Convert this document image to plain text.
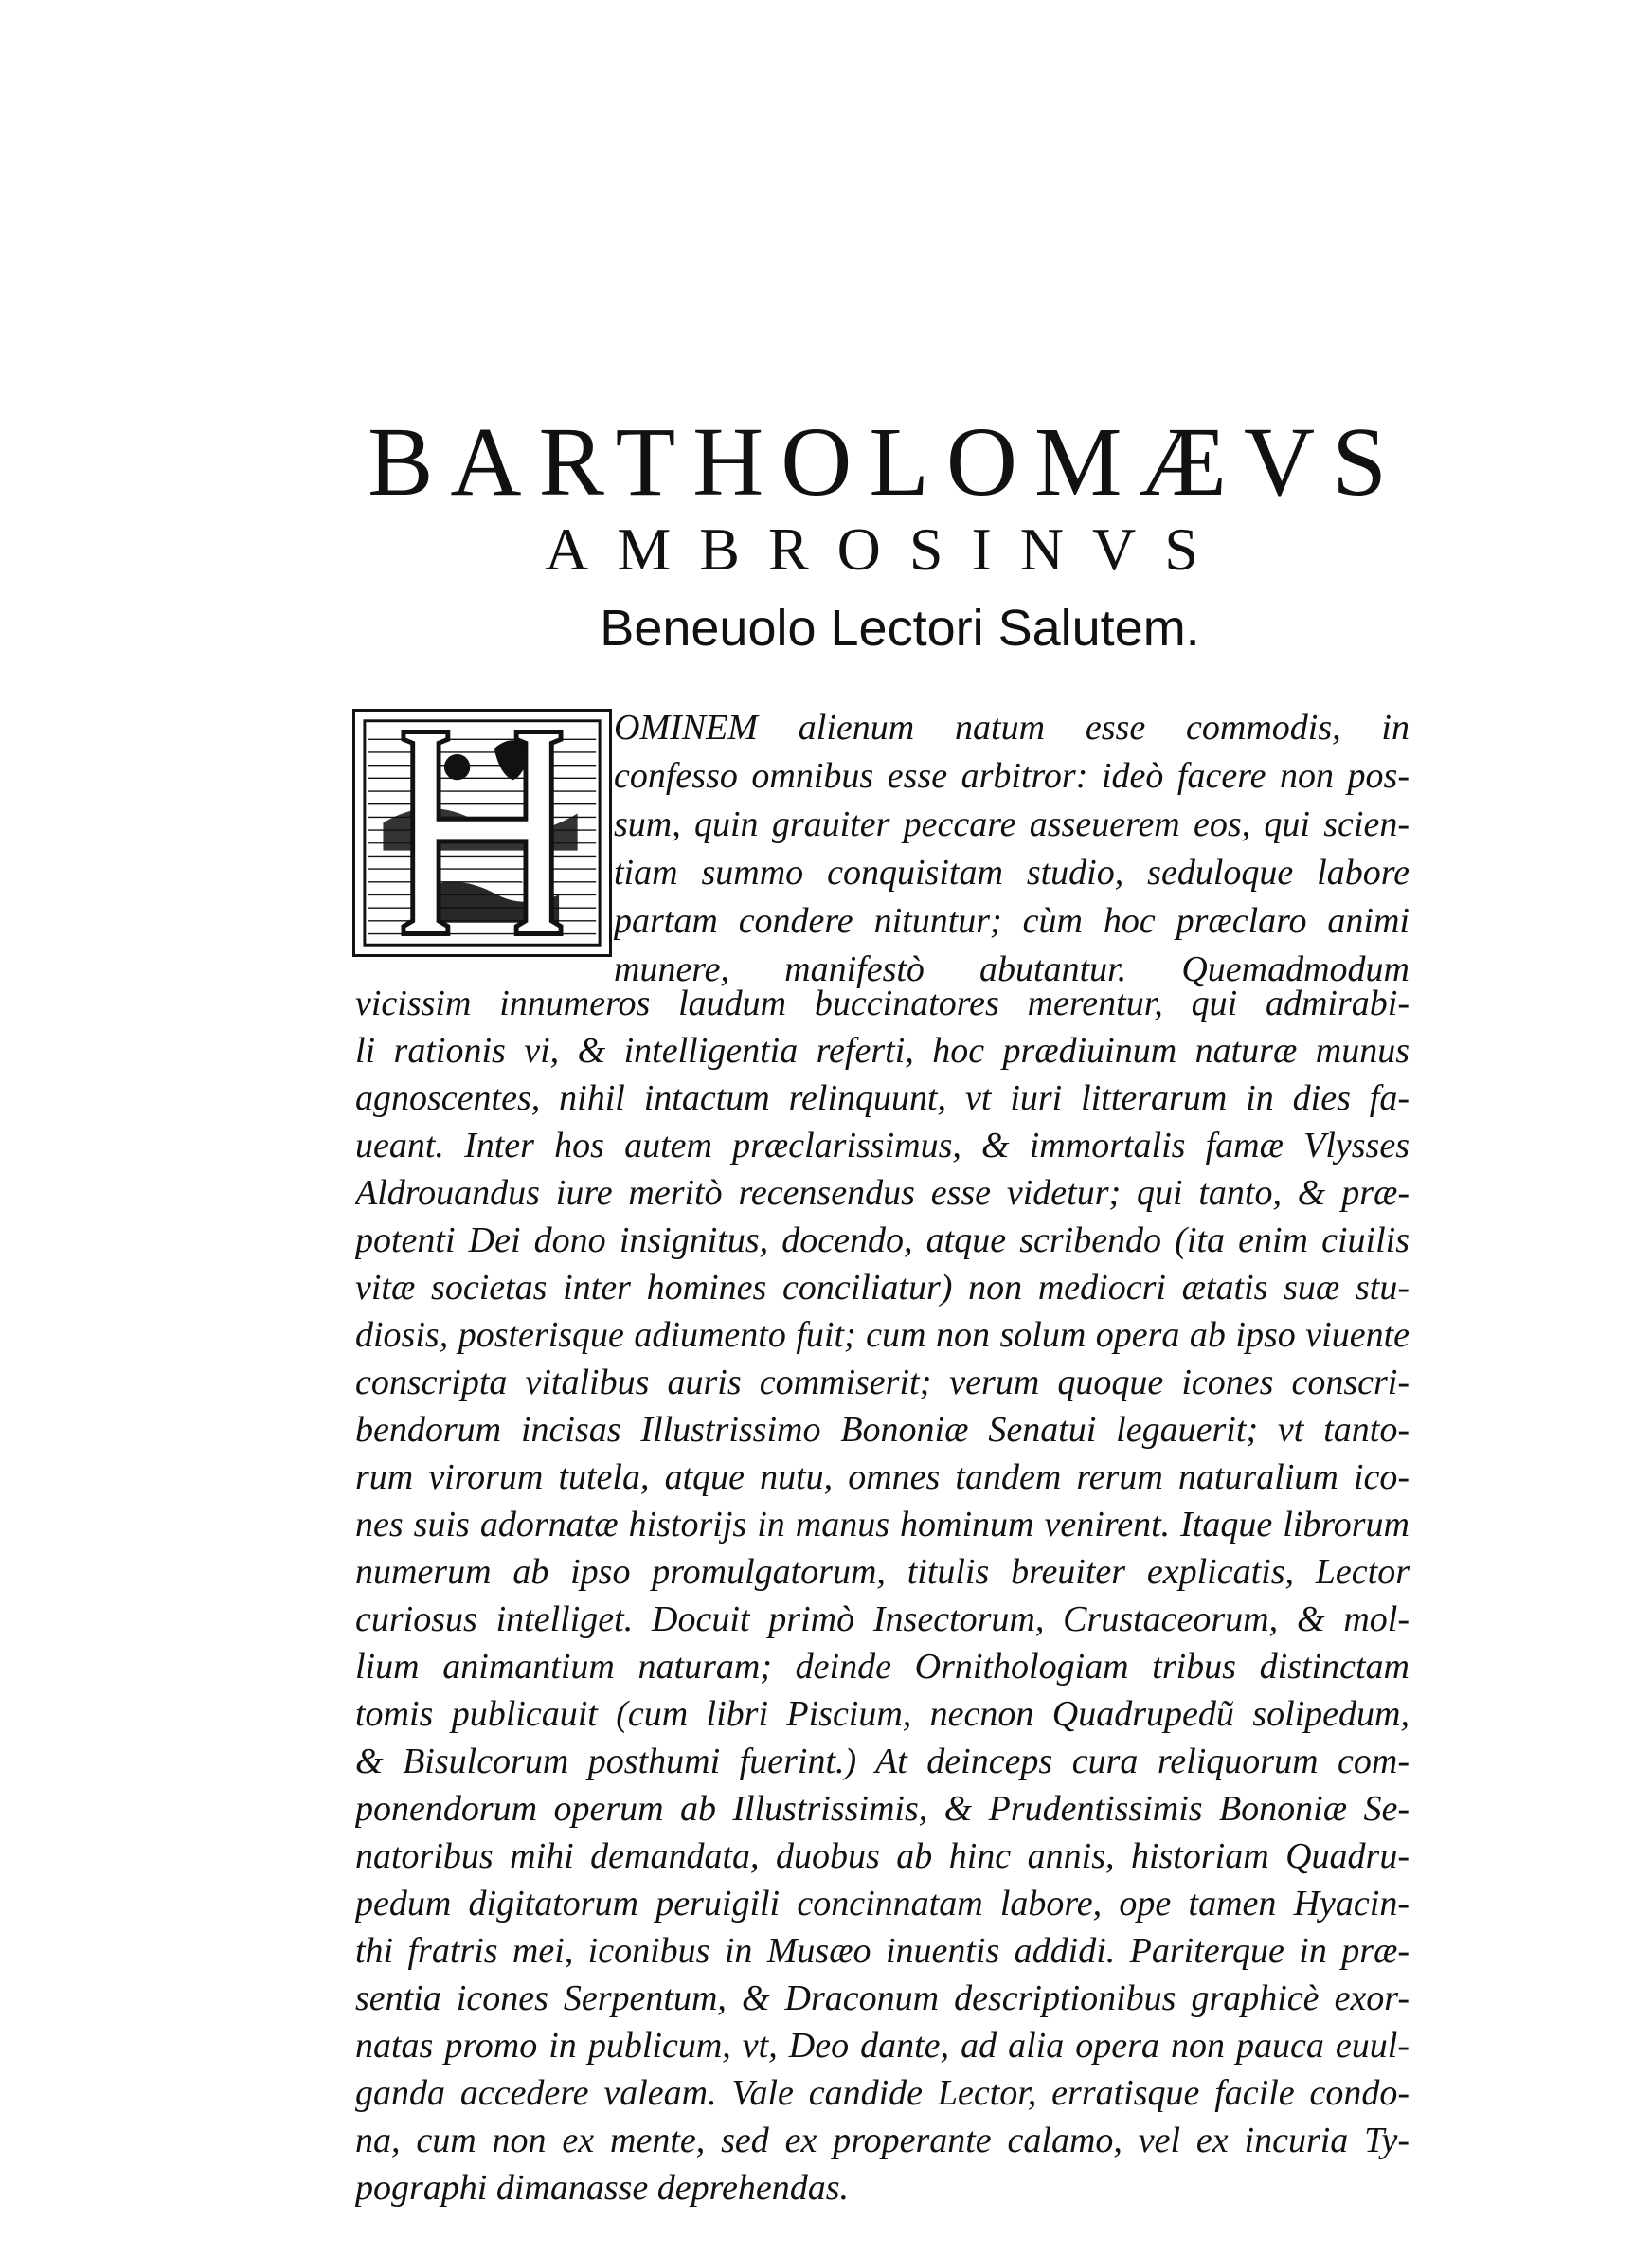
BARTHOLOMÆVS
AMBROSINVS
Beneuolo Lectori Salutem.
OMINEM alienum natum esse commodis, in
confesso omnibus esse arbitror: ideò facere non pos-
sum, quin grauiter peccare asseuerem eos, qui scien-
tiam summo conquisitam studio, seduloque labore
partam condere nituntur; cùm hoc præclaro animi
munere, manifestò abutantur. Quemadmodum
vicissim innumeros laudum buccinatores merentur, qui admirabi-
li rationis vi, & intelligentia referti, hoc prædiuinum naturæ munus
agnoscentes, nihil intactum relinquunt, vt iuri litterarum in dies fa-
ueant. Inter hos autem præclarissimus, & immortalis famæ Vlysses
Aldrouandus iure meritò recensendus esse videtur; qui tanto, & præ-
potenti Dei dono insignitus, docendo, atque scribendo (ita enim ciuilis
vitæ societas inter homines conciliatur) non mediocri ætatis suæ stu-
diosis, posterisque adiumento fuit; cum non solum opera ab ipso viuente
conscripta vitalibus auris commiserit; verum quoque icones conscri-
bendorum incisas Illustrissimo Bononiæ Senatui legauerit; vt tanto-
rum virorum tutela, atque nutu, omnes tandem rerum naturalium ico-
nes suis adornatæ historijs in manus hominum venirent. Itaque librorum
numerum ab ipso promulgatorum, titulis breuiter explicatis, Lector
curiosus intelliget. Docuit primò Insectorum, Crustaceorum, & mol-
lium animantium naturam; deinde Ornithologiam tribus distinctam
tomis publicauit (cum libri Piscium, necnon Quadrupedũ solipedum,
& Bisulcorum posthumi fuerint.) At deinceps cura reliquorum com-
ponendorum operum ab Illustrissimis, & Prudentissimis Bononiæ Se-
natoribus mihi demandata, duobus ab hinc annis, historiam Quadru-
pedum digitatorum peruigili concinnatam labore, ope tamen Hyacin-
thi fratris mei, iconibus in Musæo inuentis addidi. Pariterque in præ-
sentia icones Serpentum, & Draconum descriptionibus graphicè exor-
natas promo in publicum, vt, Deo dante, ad alia opera non pauca euul-
ganda accedere valeam. Vale candide Lector, erratisque facile condo-
na, cum non ex mente, sed ex properante calamo, vel ex incuria Ty-
pographi dimanasse deprehendas.
